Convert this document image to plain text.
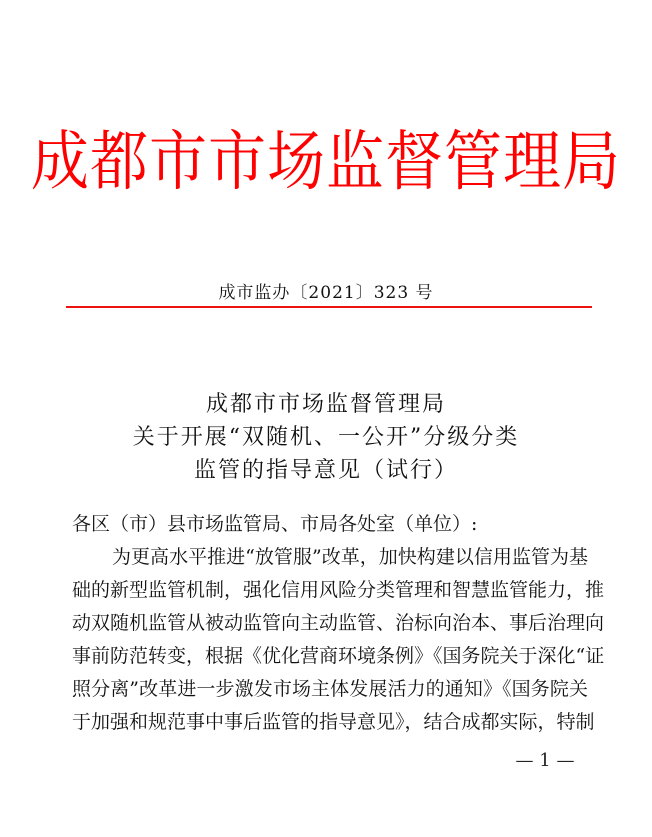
成都市市场监督管理局
成市监办〔2021〕323 号
成都市市场监督管理局
关于开展“双随机、一公开”分级分类
监管的指导意见（试行）
各区（市）县市场监管局、市局各处室（单位）:
为更高水平推进“放管服”改革，加快构建以信用监管为基
础的新型监管机制，强化信用风险分类管理和智慧监管能力，推
动双随机监管从被动监管向主动监管、治标向治本、事后治理向
事前防范转变，根据《优化营商环境条例》《国务院关于深化“证
照分离”改革进一步激发市场主体发展活力的通知》《国务院关
于加强和规范事中事后监管的指导意见》，结合成都实际，特制
— 1 —
